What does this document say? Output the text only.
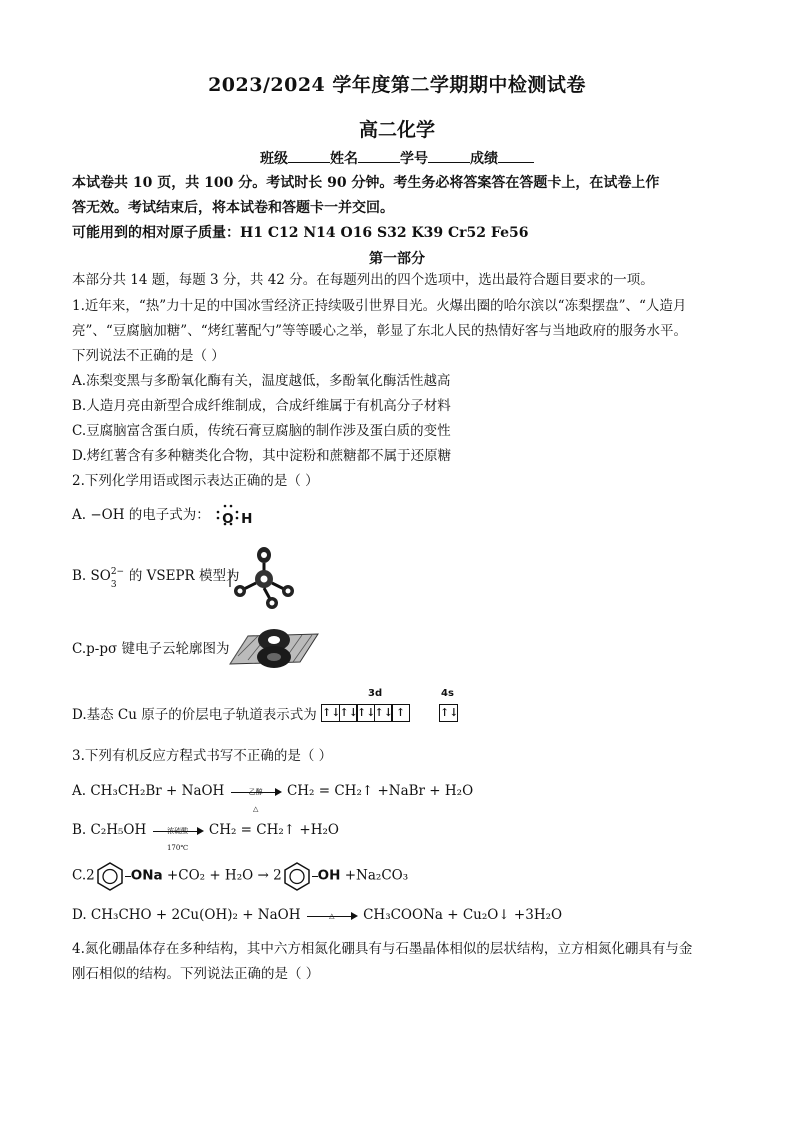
2023/2024 学年度第二学期期中检测试卷
高二化学
班级	姓名	学号	成绩
本试卷共 10 页，共 100 分。考试时长 90 分钟。考生务必将答案答在答题卡上，在试卷上作
答无效。考试结束后，将本试卷和答题卡一并交回。
可能用到的相对原子质量：H1 C12 N14 O16 S32 K39 Cr52 Fe56
第一部分
本部分共 14 题，每题 3 分，共 42 分。在每题列出的四个选项中，选出最符合题目要求的一项。
1.近年来，“热”力十足的中国冰雪经济正持续吸引世界目光。火爆出圈的哈尔滨以“冻梨摆盘”、“人造月
亮”、“豆腐脑加糖”、“烤红薯配勺”等等暖心之举，彰显了东北人民的热情好客与当地政府的服务水平。
下列说法不正确的是（ ）
A.冻梨变黑与多酚氧化酶有关，温度越低，多酚氧化酶活性越高
B.人造月亮由新型合成纤维制成，合成纤维属于有机高分子材料
C.豆腐脑富含蛋白质，传统石膏豆腐脑的制作涉及蛋白质的变性
D.烤红薯含有多种糖类化合物，其中淀粉和蔗糖都不属于还原糖
2.下列化学用语或图示表达正确的是（ ）
A. −OH 的电子式为： O H
B. SO 2−
3
的 VSEPR 模型为
C.p-pσ 键电子云轮廓图为
D.基态 Cu 原子的价层电子轨道表示式为
3d	4s
↑↓↑↓↑↓↑↓ ↑	↑↓
3.下列有机反应方程式书写不正确的是（ ）
A. CH₃CH₂Br + NaOH	乙醇
△
CH₂ = CH₂↑ +NaBr + H₂O
B. C₂H₅OH	浓硫酸
170℃
CH₂ = CH₂↑ +H₂O
C.2	ONa +CO₂ + H₂O → 2	OH +Na₂CO₃
D. CH₃CHO + 2Cu(OH)₂ + NaOH	△	CH₃COONa + Cu₂O↓ +3H₂O
4.氮化硼晶体存在多种结构，其中六方相氮化硼具有与石墨晶体相似的层状结构，立方相氮化硼具有与金
刚石相似的结构。下列说法正确的是（ ）
